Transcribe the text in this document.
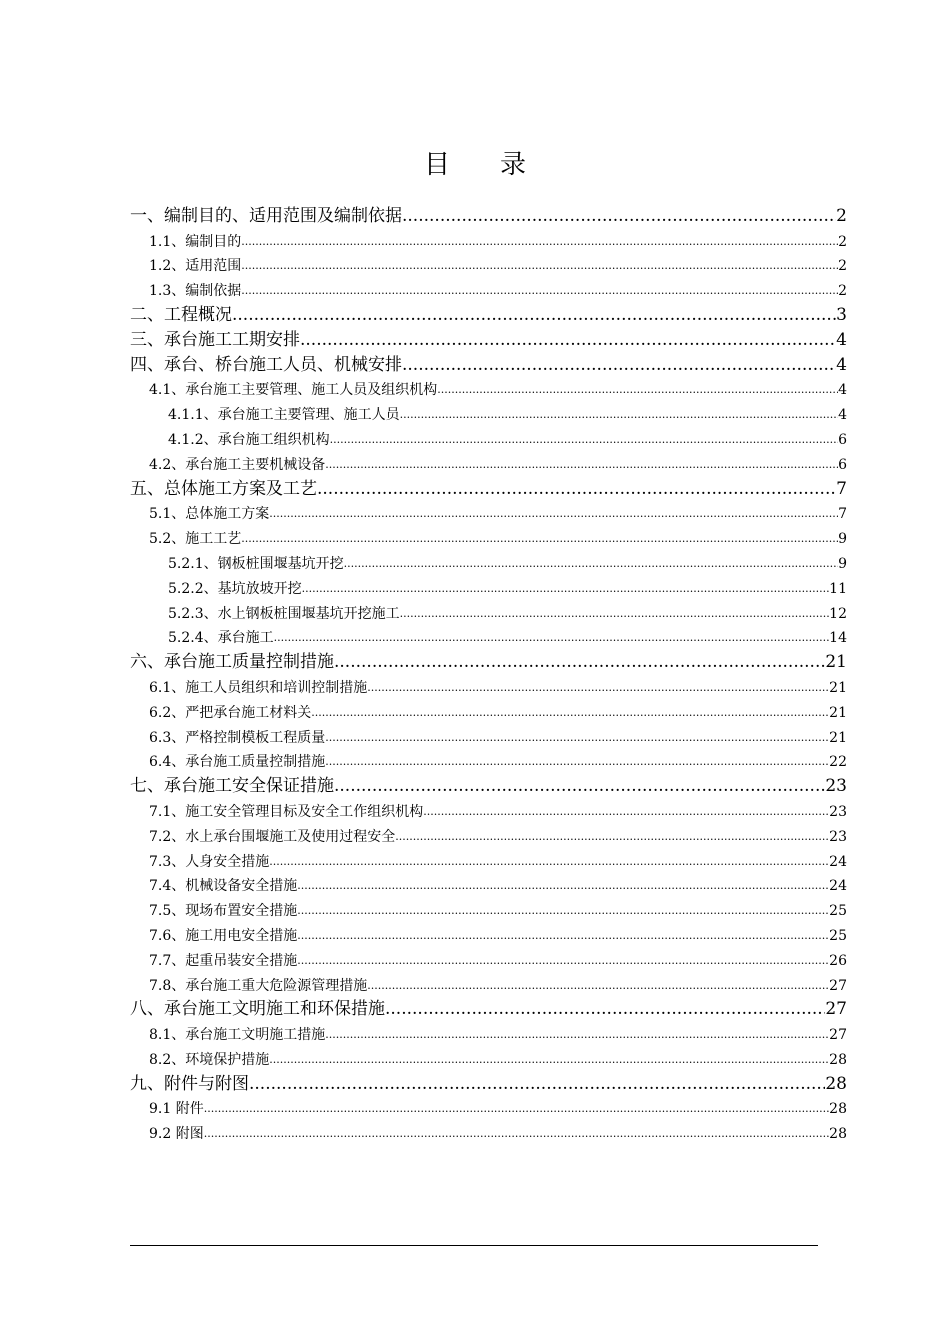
目 录
一、编制目的、适用范围及编制依据 .....	2
1.1、编制目的 .....	2
1.2、适用范围 .....	2
1.3、编制依据 .....	2
二、工程概况 .....	3
三、承台施工工期安排 .....	4
四、承台、桥台施工人员、机械安排 .....	4
4.1、承台施工主要管理、施工人员及组织机构 .....	4
4.1.1、承台施工主要管理、施工人员 .....	4
4.1.2、承台施工组织机构 .....	6
4.2、承台施工主要机械设备 .....	6
五、总体施工方案及工艺 .....	7
5.1、总体施工方案 .....	7
5.2、施工工艺 .....	9
5.2.1、钢板桩围堰基坑开挖 .....	9
5.2.2、基坑放坡开挖 .....	11
5.2.3、水上钢板桩围堰基坑开挖施工 .....	12
5.2.4、承台施工 .....	14
六、承台施工质量控制措施 .....	21
6.1、施工人员组织和培训控制措施 .....	21
6.2、严把承台施工材料关 .....	21
6.3、严格控制模板工程质量 .....	21
6.4、承台施工质量控制措施 .....	22
七、承台施工安全保证措施 .....	23
7.1、施工安全管理目标及安全工作组织机构 .....	23
7.2、水上承台围堰施工及使用过程安全 .....	23
7.3、人身安全措施 .....	24
7.4、机械设备安全措施 .....	24
7.5、现场布置安全措施 .....	25
7.6、施工用电安全措施 .....	25
7.7、起重吊装安全措施 .....	26
7.8、承台施工重大危险源管理措施 .....	27
八、承台施工文明施工和环保措施 .....	27
8.1、承台施工文明施工措施 .....	27
8.2、环境保护措施 .....	28
九、附件与附图 .....	28
9.1 附件 .....	28
9.2 附图 .....	28
